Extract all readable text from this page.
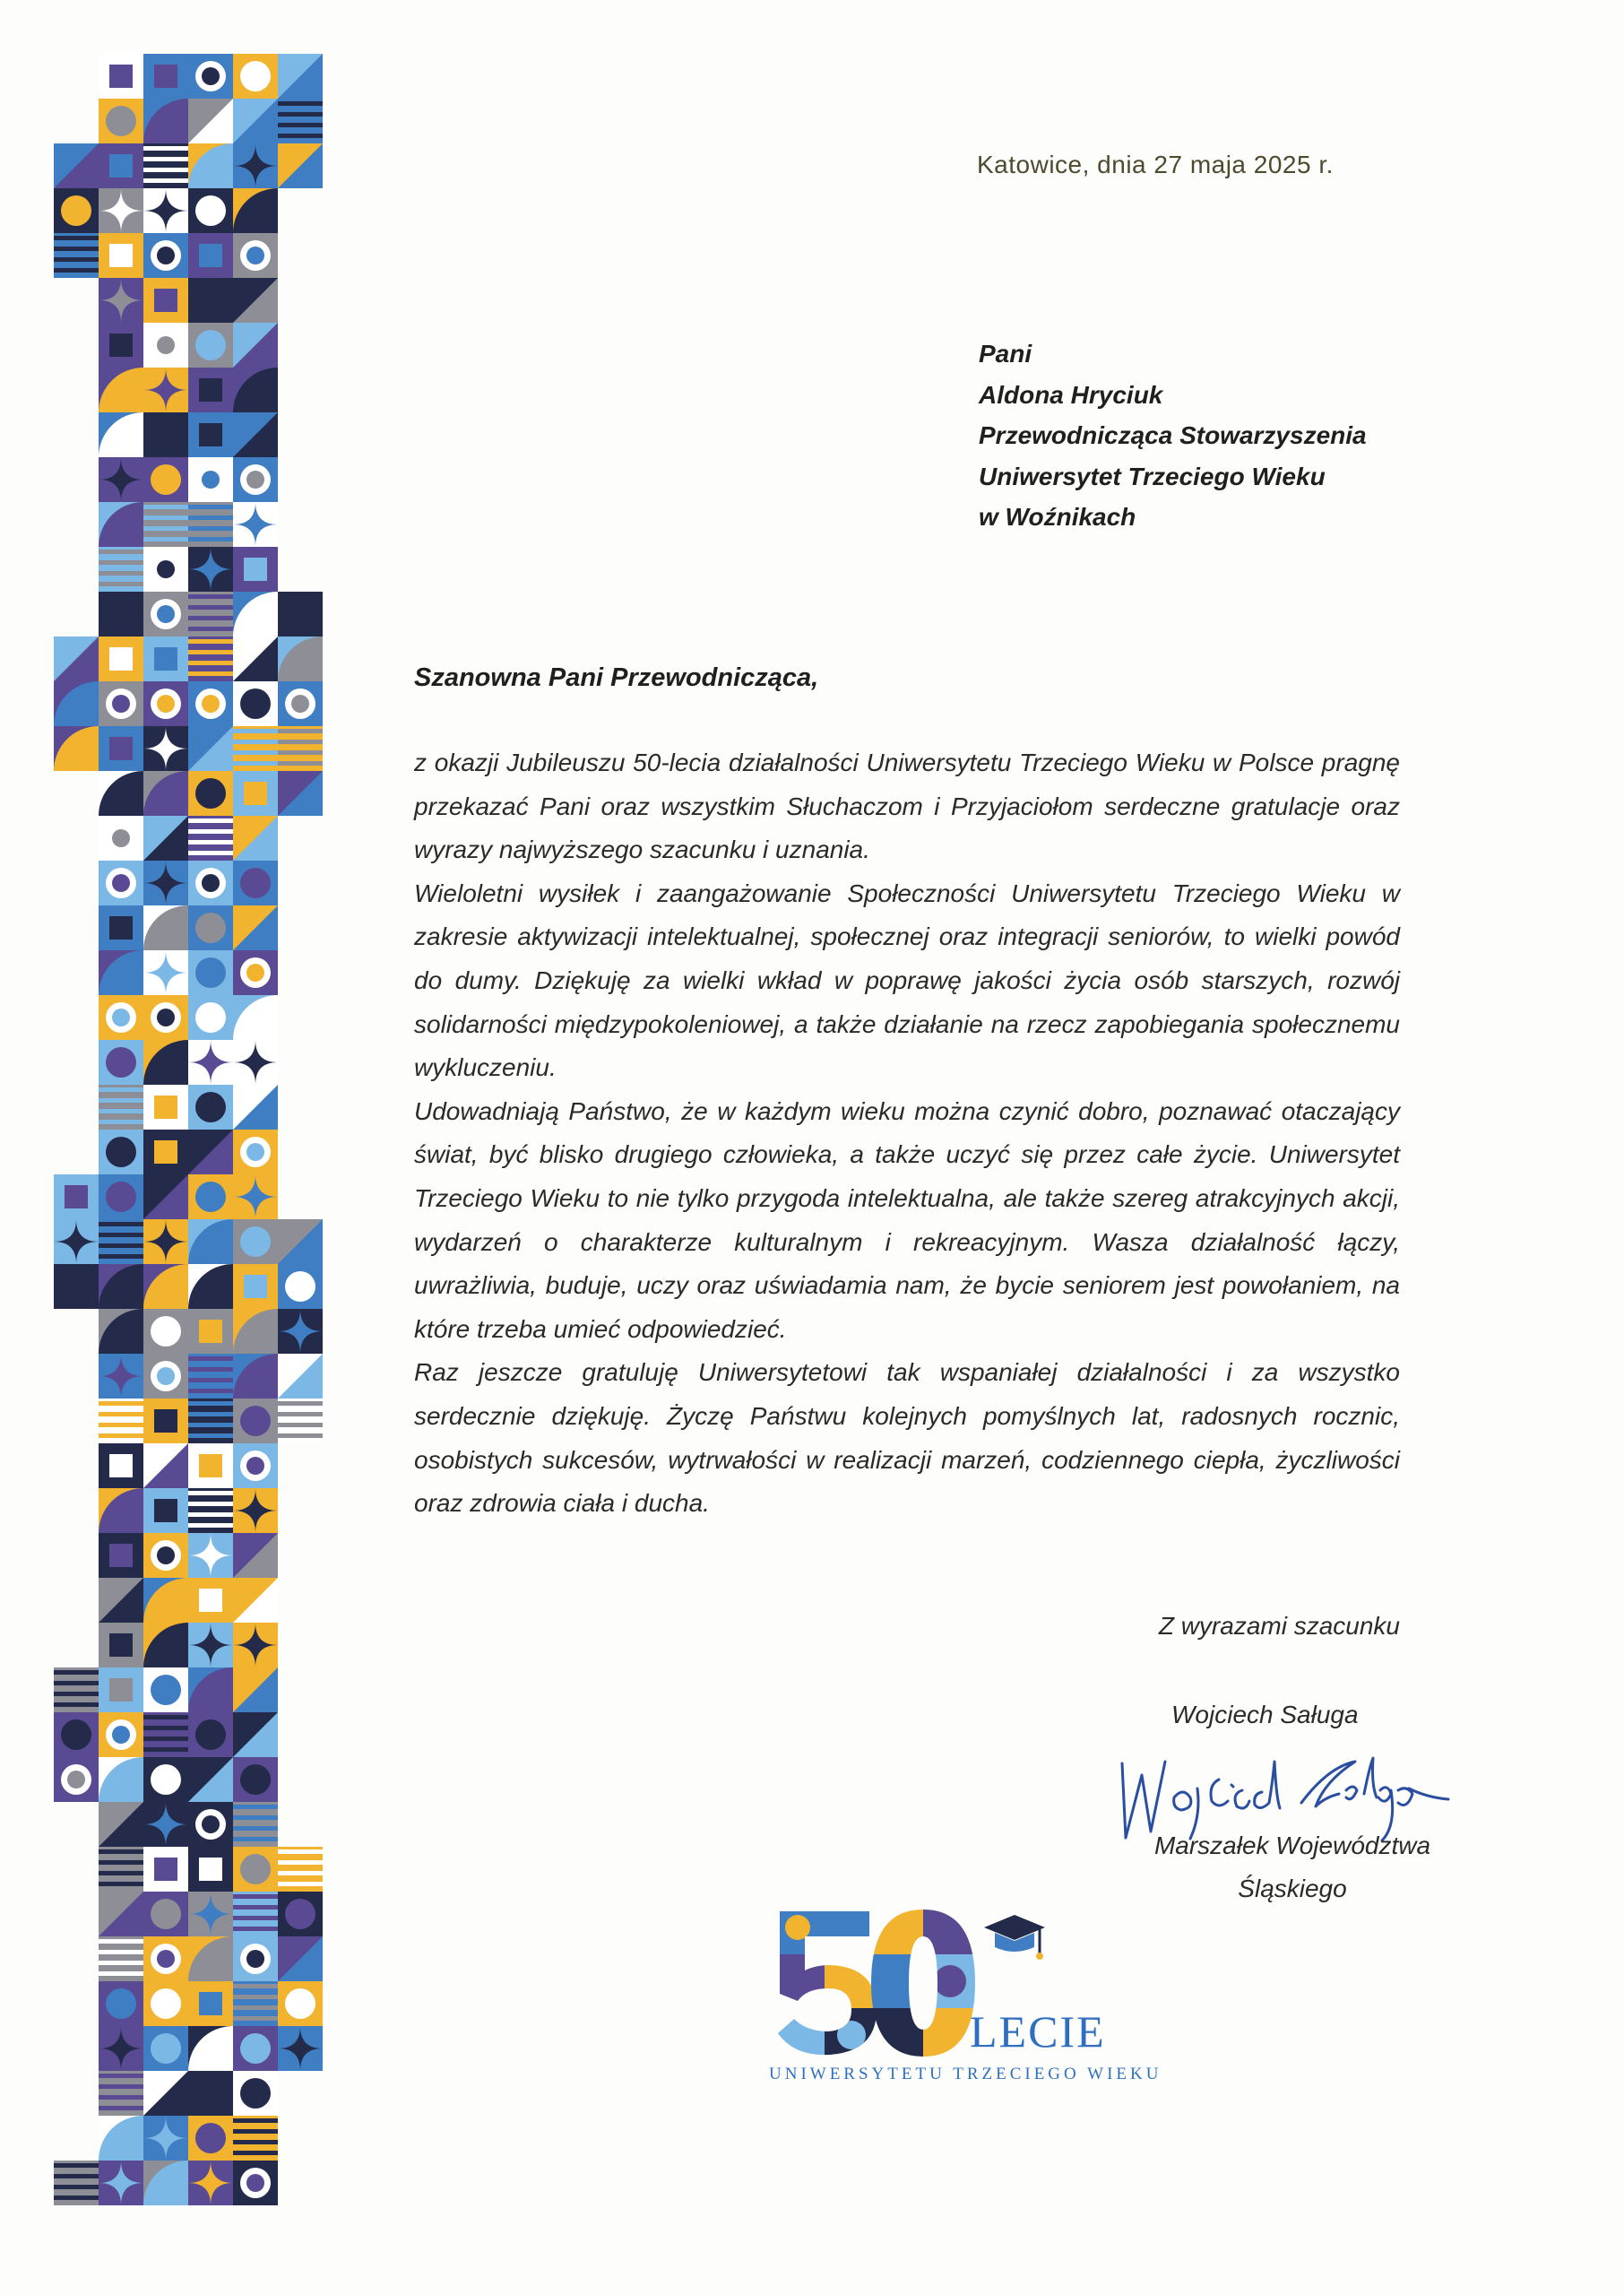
Katowice, dnia 27 maja 2025 r.
Pani
Aldona Hryciuk
Przewodnicząca Stowarzyszenia
Uniwersytet Trzeciego Wieku
w Woźnikach
Szanowna Pani Przewodnicząca,

z okazji Jubileuszu 50-lecia działalności Uniwersytetu Trzeciego Wieku w Polsce pragnę przekazać Pani oraz wszystkim Słuchaczom i Przyjaciołom serdeczne gratulacje oraz wyrazy najwyższego szacunku i uznania.

Wieloletni wysiłek i zaangażowanie Społeczności Uniwersytetu Trzeciego Wieku w zakresie aktywizacji intelektualnej, społecznej oraz integracji seniorów, to wielki powód do dumy. Dziękuję za wielki wkład w poprawę jakości życia osób starszych, rozwój solidarności międzypokoleniowej, a także działanie na rzecz zapobiegania społecznemu wykluczeniu.

Udowadniają Państwo, że w każdym wieku można czynić dobro, poznawać otaczający świat, być blisko drugiego człowieka, a także uczyć się przez całe życie. Uniwersytet Trzeciego Wieku to nie tylko przygoda intelektualna, ale także szereg atrakcyjnych akcji, wydarzeń o charakterze kulturalnym i rekreacyjnym. Wasza działalność łączy, uwrażliwia, buduje, uczy oraz uświadamia nam, że bycie seniorem jest powołaniem, na które trzeba umieć odpowiedzieć.

Raz jeszcze gratuluję Uniwersytetowi tak wspaniałej działalności i za wszystko serdecznie dziękuję. Życzę Państwu kolejnych pomyślnych lat, radosnych rocznic, osobistych sukcesów, wytrwałości w realizacji marzeń, codziennego ciepła, życzliwości oraz zdrowia ciała i ducha.

Z wyrazami szacunku
Wojciech Saługa
Marszałek Województwa
Śląskiego
LECIE
UNIWERSYTETU TRZECIEGO WIEKU
